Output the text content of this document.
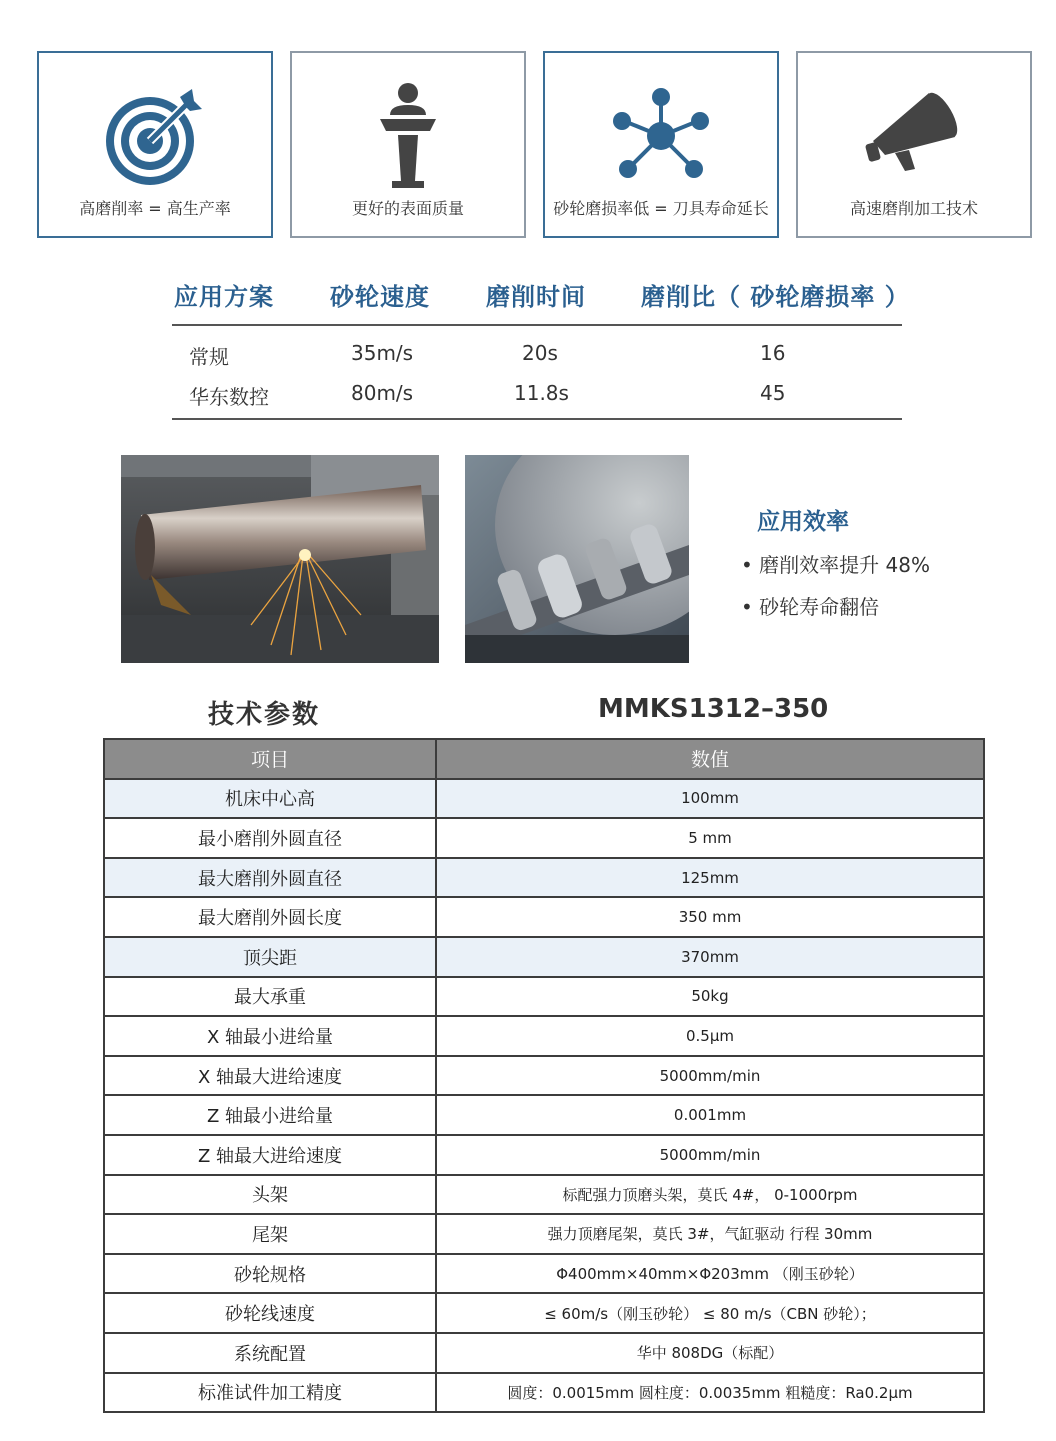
高磨削率 = 高生产率	更好的表面质量	砂轮磨损率低 = 刀具寿命延长	高速磨削加工技术
应用方案 砂轮速度 磨削时间 磨削比（ 砂轮磨损率 ）
常规	35m/s	20s	16
华东数控	80m/s	11.8s	45
应用效率
• 磨削效率提升 48%
• 砂轮寿命翻倍
技术参数	MMKS1312–350
项目	数值
机床中心高	100mm
最小磨削外圆直径	5 mm
最大磨削外圆直径	125mm
最大磨削外圆长度	350 mm
顶尖距	370mm
最大承重	50kg
X 轴最小进给量	0.5μm
X 轴最大进给速度	5000mm/min
Z 轴最小进给量	0.001mm
Z 轴最大进给速度	5000mm/min
头架	标配强力顶磨头架，莫氏 4#， 0-1000rpm
尾架	强力顶磨尾架，莫氏 3#，气缸驱动 行程 30mm
砂轮规格	Φ400mm×40mm×Φ203mm （刚玉砂轮）
砂轮线速度	≤ 60m/s（刚玉砂轮） ≤ 80 m/s（CBN 砂轮）；
系统配置	华中 808DG（标配）
标准试件加工精度	圆度：0.0015mm 圆柱度：0.0035mm 粗糙度：Ra0.2μm
